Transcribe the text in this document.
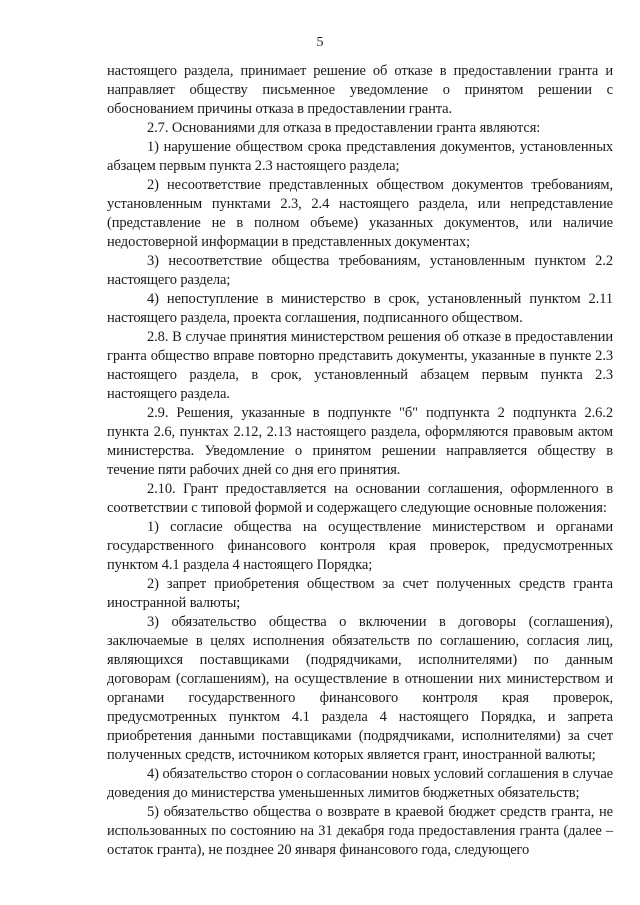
5

настоящего раздела, принимает решение об отказе в предоставлении гранта и направляет обществу письменное уведомление о принятом решении с обоснованием причины отказа в предоставлении гранта.

2.7. Основаниями для отказа в предоставлении гранта являются:

1) нарушение обществом срока представления документов, установленных абзацем первым пункта 2.3 настоящего раздела;

2) несоответствие представленных обществом документов требованиям, установленным пунктами 2.3, 2.4 настоящего раздела, или непредставление (представление не в полном объеме) указанных документов, или наличие недостоверной информации в представленных документах;

3) несоответствие общества требованиям, установленным пунктом 2.2 настоящего раздела;

4) непоступление в министерство в срок, установленный пунктом 2.11 настоящего раздела, проекта соглашения, подписанного обществом.

2.8. В случае принятия министерством решения об отказе в предоставлении гранта общество вправе повторно представить документы, указанные в пункте 2.3 настоящего раздела, в срок, установленный абзацем первым пункта 2.3 настоящего раздела.

2.9. Решения, указанные в подпункте "б" подпункта 2 подпункта 2.6.2 пункта 2.6, пунктах 2.12, 2.13 настоящего раздела, оформляются правовым актом министерства. Уведомление о принятом решении направляется обществу в течение пяти рабочих дней со дня его принятия.

2.10. Грант предоставляется на основании соглашения, оформленного в соответствии с типовой формой и содержащего следующие основные положения:

1) согласие общества на осуществление министерством и органами государственного финансового контроля края проверок, предусмотренных пунктом 4.1 раздела 4 настоящего Порядка;

2) запрет приобретения обществом за счет полученных средств гранта иностранной валюты;

3) обязательство общества о включении в договоры (соглашения), заключаемые в целях исполнения обязательств по соглашению, согласия лиц, являющихся поставщиками (подрядчиками, исполнителями) по данным договорам (соглашениям), на осуществление в отношении них министерством и органами государственного финансового контроля края проверок, предусмотренных пунктом 4.1 раздела 4 настоящего Порядка, и запрета приобретения данными поставщиками (подрядчиками, исполнителями) за счет полученных средств, источником которых является грант, иностранной валюты;

4) обязательство сторон о согласовании новых условий соглашения в случае доведения до министерства уменьшенных лимитов бюджетных обязательств;

5) обязательство общества о возврате в краевой бюджет средств гранта, не использованных по состоянию на 31 декабря года предоставления гранта (далее – остаток гранта), не позднее 20 января финансового года, следующего
